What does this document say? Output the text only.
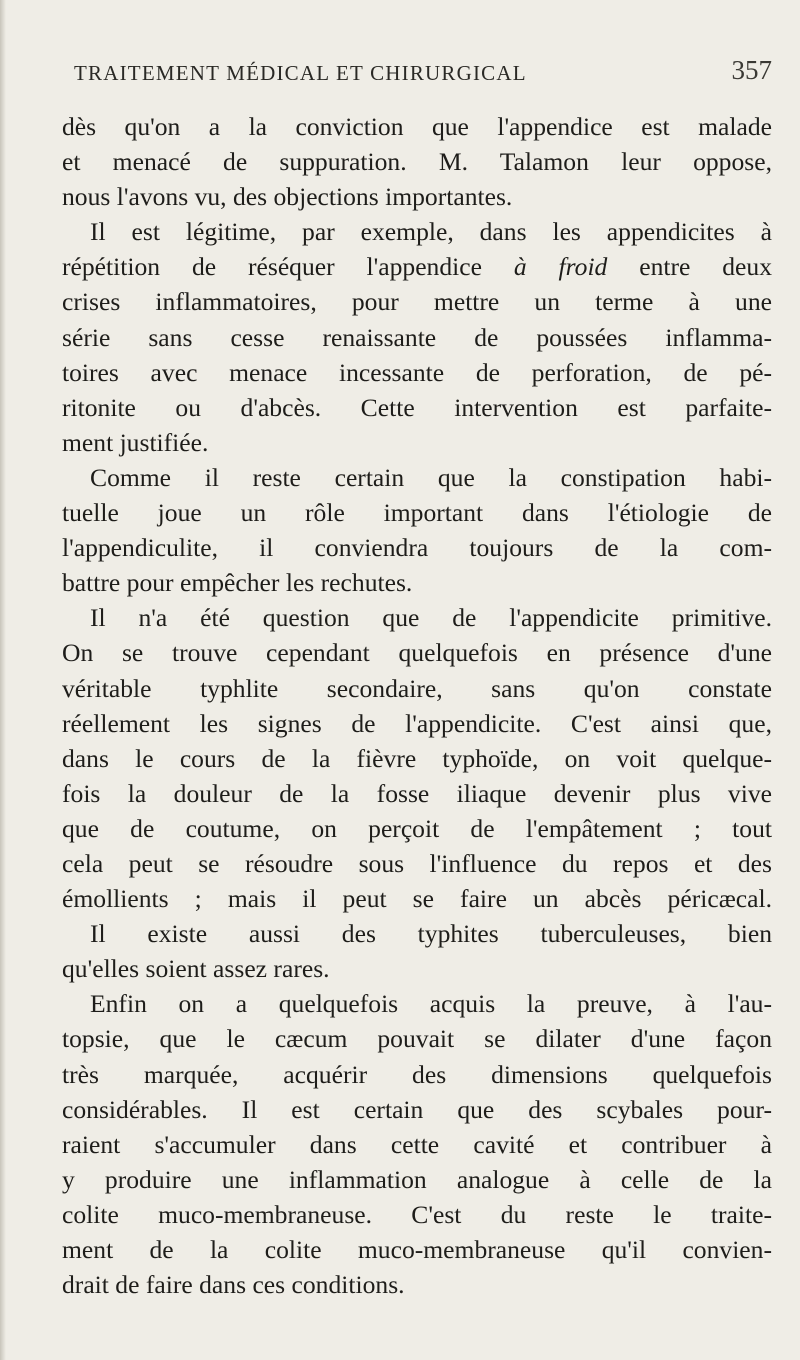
TRAITEMENT MÉDICAL ET CHIRURGICAL	357
dès qu'on a la conviction que l'appendice est malade
et menacé de suppuration. M. Talamon leur oppose,
nous l'avons vu, des objections importantes.
Il est légitime, par exemple, dans les appendicites à
répétition de réséquer l'appendice à froid entre deux
crises inflammatoires, pour mettre un terme à une
série sans cesse renaissante de poussées inflamma-
toires avec menace incessante de perforation, de pé-
ritonite ou d'abcès. Cette intervention est parfaite-
ment justifiée.
Comme il reste certain que la constipation habi-
tuelle joue un rôle important dans l'étiologie de
l'appendiculite, il conviendra toujours de la com-
battre pour empêcher les rechutes.
Il n'a été question que de l'appendicite primitive.
On se trouve cependant quelquefois en présence d'une
véritable typhlite secondaire, sans qu'on constate
réellement les signes de l'appendicite. C'est ainsi que,
dans le cours de la fièvre typhoïde, on voit quelque-
fois la douleur de la fosse iliaque devenir plus vive
que de coutume, on perçoit de l'empâtement ; tout
cela peut se résoudre sous l'influence du repos et des
émollients ; mais il peut se faire un abcès péricæcal.
Il existe aussi des typhites tuberculeuses, bien
qu'elles soient assez rares.
Enfin on a quelquefois acquis la preuve, à l'au-
topsie, que le cæcum pouvait se dilater d'une façon
très marquée, acquérir des dimensions quelquefois
considérables. Il est certain que des scybales pour-
raient s'accumuler dans cette cavité et contribuer à
y produire une inflammation analogue à celle de la
colite muco-membraneuse. C'est du reste le traite-
ment de la colite muco-membraneuse qu'il convien-
drait de faire dans ces conditions.
